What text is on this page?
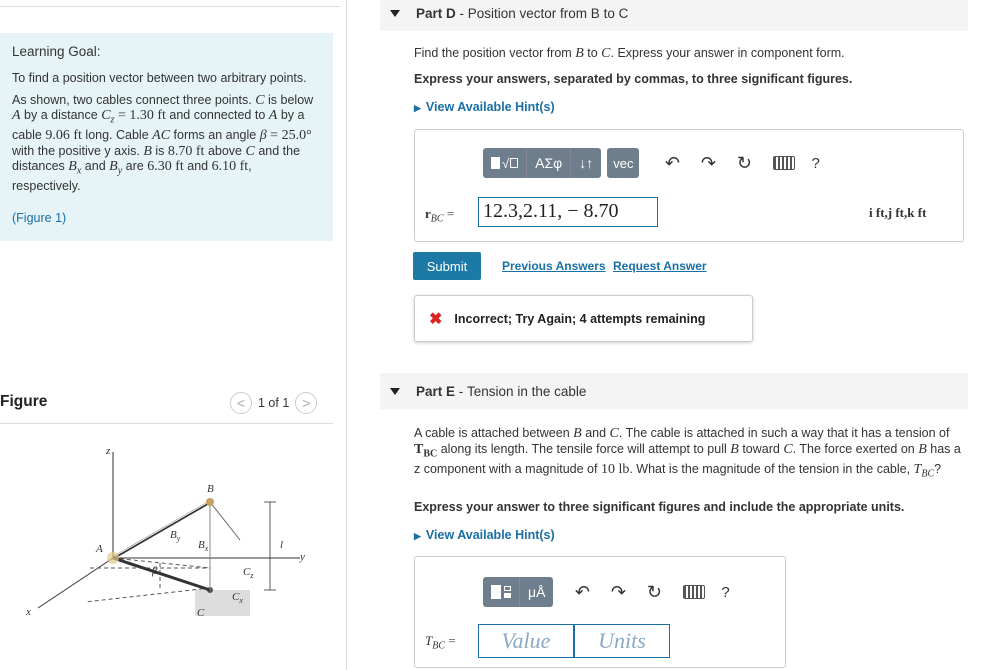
Learning Goal:

To find a position vector between two arbitrary points.

As shown, two cables connect three points. C is below A by a distance $C_z = 1.30$ ft and connected to A by a cable 9.06 ft long. Cable AC forms an angle β = 25.0° with the positive y axis. B is 8.70 ft above C and the distances $B_x$ and $B_y$ are 6.30 ft and 6.10 ft, respectively.

(Figure 1)
Figure	<	1 of 1 >
z
y
x
l
B
A
C
$B_y$
$B_x$
$C_z$
$C_x$
β
Part D - Position vector from B to C
Find the position vector from B to C. Express your answer in component form.
Express your answers, separated by commas, to three significant figures.
▶ View Available Hint(s)
√	ΑΣφ	↓↑	vec	↶	↷	↻	?
$r_{BC} = 12.3,2.11$, − 8.70	i ft,j ft,k ft
Submit	Previous Answers Request Answer
✖ Incorrect; Try Again; 4 attempts remaining
Part E - Tension in the cable
A cable is attached between B and C. The cable is attached in such a way that it has a tension of $T_{BC}$ along its length. The tensile force will attempt to pull B toward C. The force exerted on B has a z component with a magnitude of 10 lb. What is the magnitude of the tension in the cable, $T_{BC}$?
Express your answer to three significant figures and include the appropriate units.
▶ View Available Hint(s)
μÅ	↶	↷	↻	?
$T_{BC}$ =	Value	Units
